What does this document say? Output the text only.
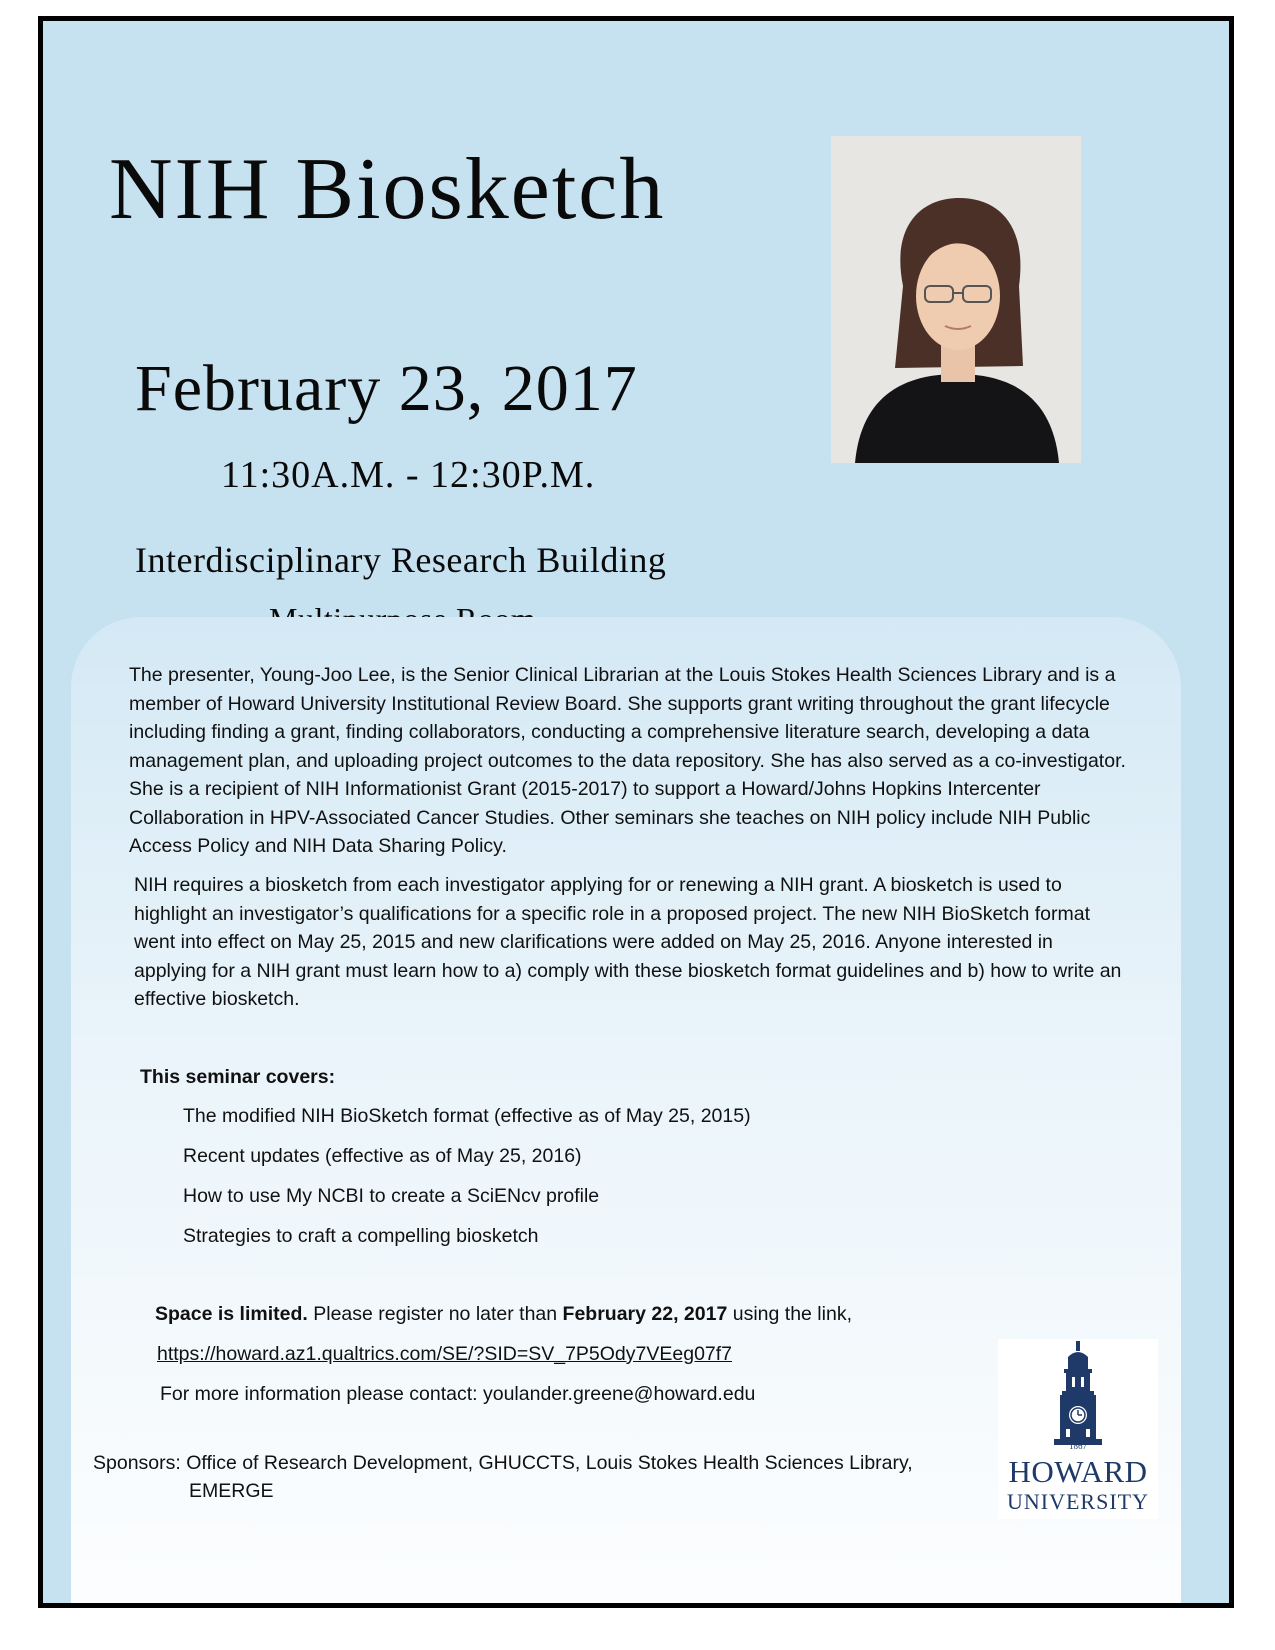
NIH Biosketch
February 23, 2017
11:30A.M. - 12:30P.M.
Interdisciplinary Research Building

The presenter, Young-Joo Lee, is the Senior Clinical Librarian at the Louis Stokes Health Sciences Library and is a member of Howard University Institutional Review Board. She supports grant writing throughout the grant lifecycle including finding a grant, finding collaborators, conducting a comprehensive literature search, developing a data management plan, and uploading project outcomes to the data repository. She has also served as a co-investigator. She is a recipient of NIH Informationist Grant (2015-2017) to support a Howard/Johns Hopkins Intercenter Collaboration in HPV-Associated Cancer Studies. Other seminars she teaches on NIH policy include NIH Public Access Policy and NIH Data Sharing Policy.

NIH requires a biosketch from each investigator applying for or renewing a NIH grant. A biosketch is used to highlight an investigator’s qualifications for a specific role in a proposed project. The new NIH BioSketch format went into effect on May 25, 2015 and new clarifications were added on May 25, 2016. Anyone interested in applying for a NIH grant must learn how to a) comply with these biosketch format guidelines and b) how to write an effective biosketch.

This seminar covers:
The modified NIH BioSketch format (effective as of May 25, 2015)
Recent updates (effective as of May 25, 2016)
How to use My NCBI to create a SciENcv profile
Strategies to craft a compelling biosketch
Space is limited. Please register no later than February 22, 2017 using the link,
https://howard.az1.qualtrics.com/SE/?SID=SV_7P5Ody7VEeg07f7
For more information please contact: youlander.greene@howard.edu
Sponsors: Office of Research Development, GHUCCTS, Louis Stokes Health Sciences Library,
EMERGE
1867
HOWARD
UNIVERSITY
